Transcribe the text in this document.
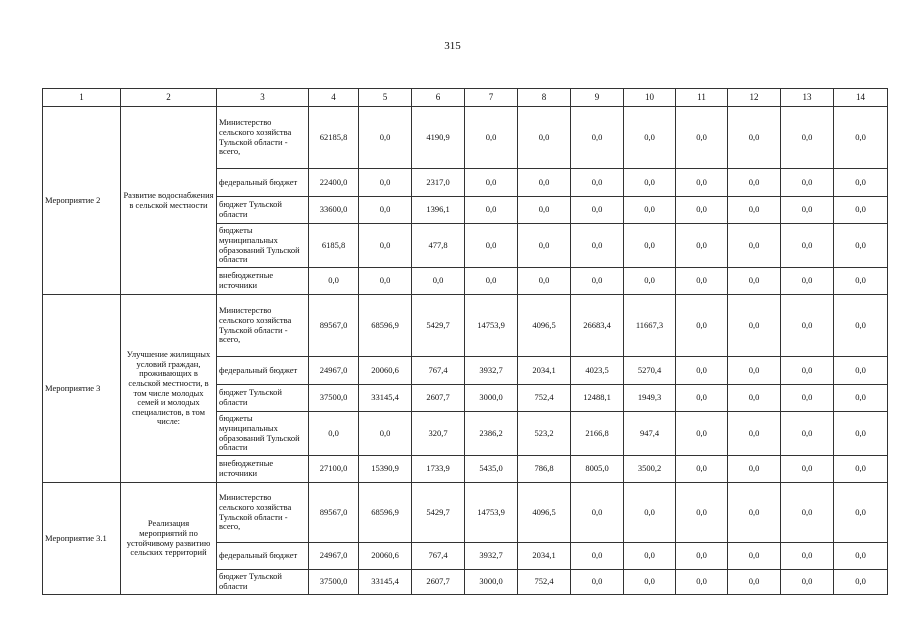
315
1	2	3	4	5	6	7	8	9	10	11	12	13	14
Мероприятие 2	Развитие водоснабжения в сельской местности	Министерство сельского хозяйства Тульской области - всего,	62185,8	0,0	4190,9	0,0	0,0	0,0	0,0	0,0	0,0	0,0	0,0
		федеральный бюджет	22400,0	0,0	2317,0	0,0	0,0	0,0	0,0	0,0	0,0	0,0	0,0
		бюджет Тульской области	33600,0	0,0	1396,1	0,0	0,0	0,0	0,0	0,0	0,0	0,0	0,0
		бюджеты муниципальных образований Тульской области	6185,8	0,0	477,8	0,0	0,0	0,0	0,0	0,0	0,0	0,0	0,0
		внебюджетные источники	0,0	0,0	0,0	0,0	0,0	0,0	0,0	0,0	0,0	0,0	0,0
Мероприятие 3	Улучшение жилищных условий граждан, проживающих в сельской местности, в том числе молодых семей и молодых специалистов, в том числе:	Министерство сельского хозяйства Тульской области - всего,	89567,0	68596,9	5429,7	14753,9	4096,5	26683,4	11667,3	0,0	0,0	0,0	0,0
		федеральный бюджет	24967,0	20060,6	767,4	3932,7	2034,1	4023,5	5270,4	0,0	0,0	0,0	0,0
		бюджет Тульской области	37500,0	33145,4	2607,7	3000,0	752,4	12488,1	1949,3	0,0	0,0	0,0	0,0
		бюджеты муниципальных образований Тульской области	0,0	0,0	320,7	2386,2	523,2	2166,8	947,4	0,0	0,0	0,0	0,0
		внебюджетные источники	27100,0	15390,9	1733,9	5435,0	786,8	8005,0	3500,2	0,0	0,0	0,0	0,0
Мероприятие 3.1	Реализация мероприятий по устойчивому развитию сельских территорий	Министерство сельского хозяйства Тульской области - всего,	89567,0	68596,9	5429,7	14753,9	4096,5	0,0	0,0	0,0	0,0	0,0	0,0
		федеральный бюджет	24967,0	20060,6	767,4	3932,7	2034,1	0,0	0,0	0,0	0,0	0,0	0,0
		бюджет Тульской области	37500,0	33145,4	2607,7	3000,0	752,4	0,0	0,0	0,0	0,0	0,0	0,0
